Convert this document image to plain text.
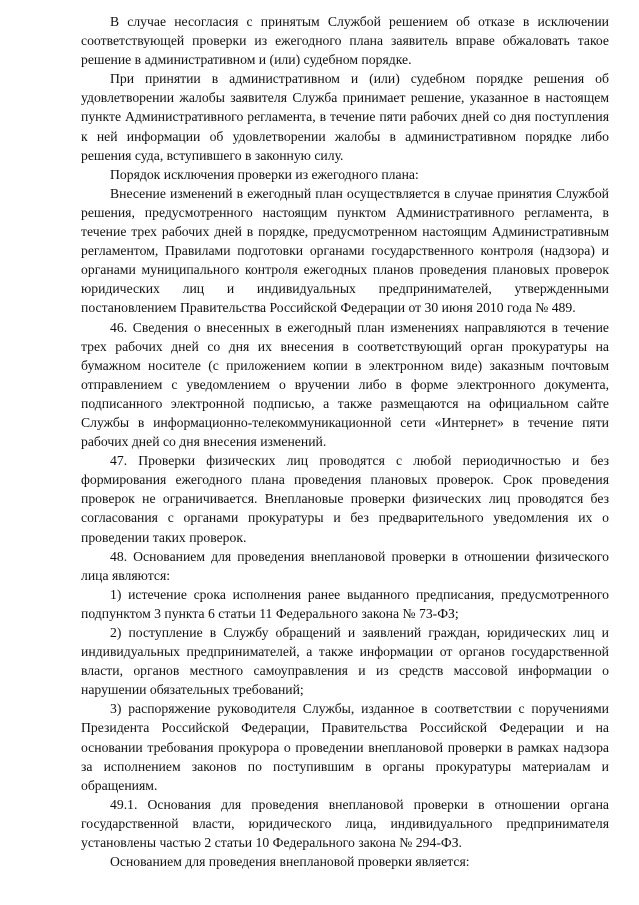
В случае несогласия с принятым Службой решением об отказе в исключении соответствующей проверки из ежегодного плана заявитель вправе обжаловать такое решение в административном и (или) судебном порядке.

При принятии в административном и (или) судебном порядке решения об удовлетворении жалобы заявителя Служба принимает решение, указанное в настоящем пункте Административного регламента, в течение пяти рабочих дней со дня поступления к ней информации об удовлетворении жалобы в административном порядке либо решения суда, вступившего в законную силу.

Порядок исключения проверки из ежегодного плана:

Внесение изменений в ежегодный план осуществляется в случае принятия Службой решения, предусмотренного настоящим пунктом Административного регламента, в течение трех рабочих дней в порядке, предусмотренном настоящим Административным регламентом, Правилами подготовки органами государственного контроля (надзора) и органами муниципального контроля ежегодных планов проведения плановых проверок юридических лиц и индивидуальных предпринимателей, утвержденными постановлением Правительства Российской Федерации от 30 июня 2010 года № 489.

46. Сведения о внесенных в ежегодный план изменениях направляются в течение трех рабочих дней со дня их внесения в соответствующий орган прокуратуры на бумажном носителе (с приложением копии в электронном виде) заказным почтовым отправлением с уведомлением о вручении либо в форме электронного документа, подписанного электронной подписью, а также размещаются на официальном сайте Службы в информационно-телекоммуникационной сети «Интернет» в течение пяти рабочих дней со дня внесения изменений.

47. Проверки физических лиц проводятся с любой периодичностью и без формирования ежегодного плана проведения плановых проверок. Срок проведения проверок не ограничивается. Внеплановые проверки физических лиц проводятся без согласования с органами прокуратуры и без предварительного уведомления их о проведении таких проверок.

48. Основанием для проведения внеплановой проверки в отношении физического лица являются:

1) истечение срока исполнения ранее выданного предписания, предусмотренного подпунктом 3 пункта 6 статьи 11 Федерального закона № 73-ФЗ;

2) поступление в Службу обращений и заявлений граждан, юридических лиц и индивидуальных предпринимателей, а также информации от органов государственной власти, органов местного самоуправления и из средств массовой информации о нарушении обязательных требований;

3) распоряжение руководителя Службы, изданное в соответствии с поручениями Президента Российской Федерации, Правительства Российской Федерации и на основании требования прокурора о проведении внеплановой проверки в рамках надзора за исполнением законов по поступившим в органы прокуратуры материалам и обращениям.

49.1. Основания для проведения внеплановой проверки в отношении органа государственной власти, юридического лица, индивидуального предпринимателя установлены частью 2 статьи 10 Федерального закона № 294-ФЗ.

Основанием для проведения внеплановой проверки является:
